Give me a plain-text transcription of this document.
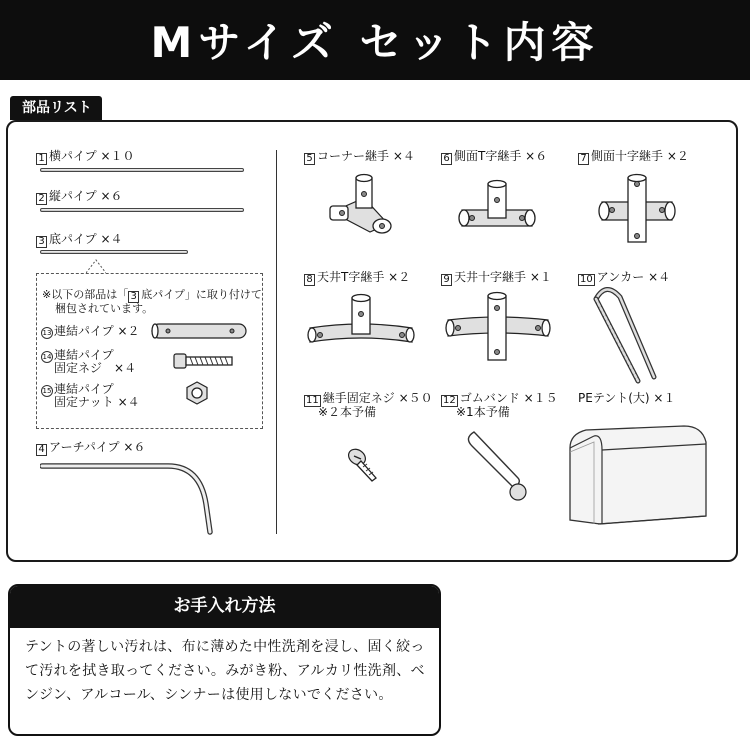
Mサイズ セット内容
部品リスト
1 横パイプ ×１０
2 縦パイプ ×６
3 底パイプ ×４
※以下の部品は「 3 底パイプ」に取り付けて
梱包されています。
13 連結パイプ ×２
14 連結パイプ
固定ネジ　 ×４
15 連結パイプ
固定ナット ×４
4 アーチパイプ ×６
5 コーナー継手 ×４	6 側面T字継手 ×６	7 側面十字継手 ×２
8 天井T字継手 ×２	9 天井十字継手 ×１	10 アンカー ×４
11 継手固定ネジ ×５０
※２本予備
12 ゴムバンド ×１５
※1本予備
PEテント(大) ×１
お手入れ方法
テントの著しい汚れは、布に薄めた中性洗剤を浸し、固く絞って汚れを拭き取ってください。みがき粉、アルカリ性洗剤、ベンジン、アルコール、シンナーは使用しないでください。
